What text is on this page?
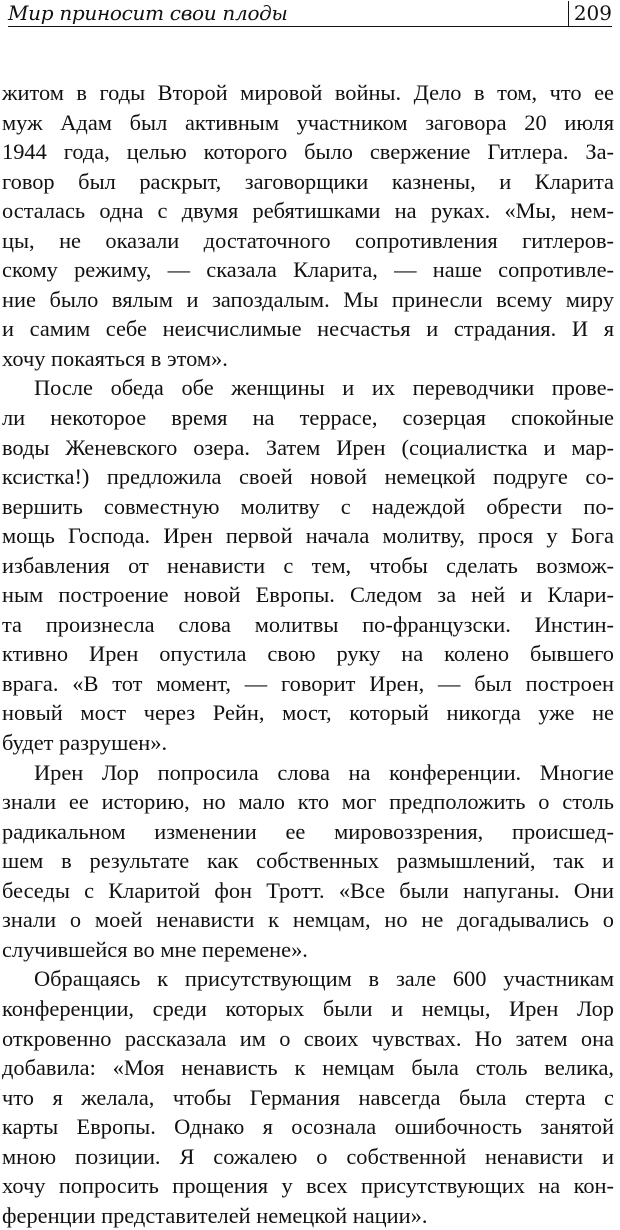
Мир приносит свои плоды	209
житом в годы Второй мировой войны. Дело в том, что ее
муж Адам был активным участником заговора 20 июля
1944 года, целью которого было свержение Гитлера. За-
говор был раскрыт, заговорщики казнены, и Кларита
осталась одна с двумя ребятишками на руках. «Мы, нем-
цы, не оказали достаточного сопротивления гитлеров-
скому режиму, — сказала Кларита, — наше сопротивле-
ние было вялым и запоздалым. Мы принесли всему миру
и самим себе неисчислимые несчастья и страдания. И я
хочу покаяться в этом».
После обеда обе женщины и их переводчики прове-
ли некоторое время на террасе, созерцая спокойные
воды Женевского озера. Затем Ирен (социалистка и мар-
ксистка!) предложила своей новой немецкой подруге со-
вершить совместную молитву с надеждой обрести по-
мощь Господа. Ирен первой начала молитву, прося у Бога
избавления от ненависти с тем, чтобы сделать возмож-
ным построение новой Европы. Следом за ней и Клари-
та произнесла слова молитвы по-французски. Инстин-
ктивно Ирен опустила свою руку на колено бывшего
врага. «В тот момент, — говорит Ирен, — был построен
новый мост через Рейн, мост, который никогда уже не
будет разрушен».
Ирен Лор попросила слова на конференции. Многие
знали ее историю, но мало кто мог предположить о столь
радикальном изменении ее мировоззрения, происшед-
шем в результате как собственных размышлений, так и
беседы с Кларитой фон Тротт. «Все были напуганы. Они
знали о моей ненависти к немцам, но не догадывались о
случившейся во мне перемене».
Обращаясь к присутствующим в зале 600 участникам
конференции, среди которых были и немцы, Ирен Лор
откровенно рассказала им о своих чувствах. Но затем она
добавила: «Моя ненависть к немцам была столь велика,
что я желала, чтобы Германия навсегда была стерта с
карты Европы. Однако я осознала ошибочность занятой
мною позиции. Я сожалею о собственной ненависти и
хочу попросить прощения у всех присутствующих на кон-
ференции представителей немецкой нации».
